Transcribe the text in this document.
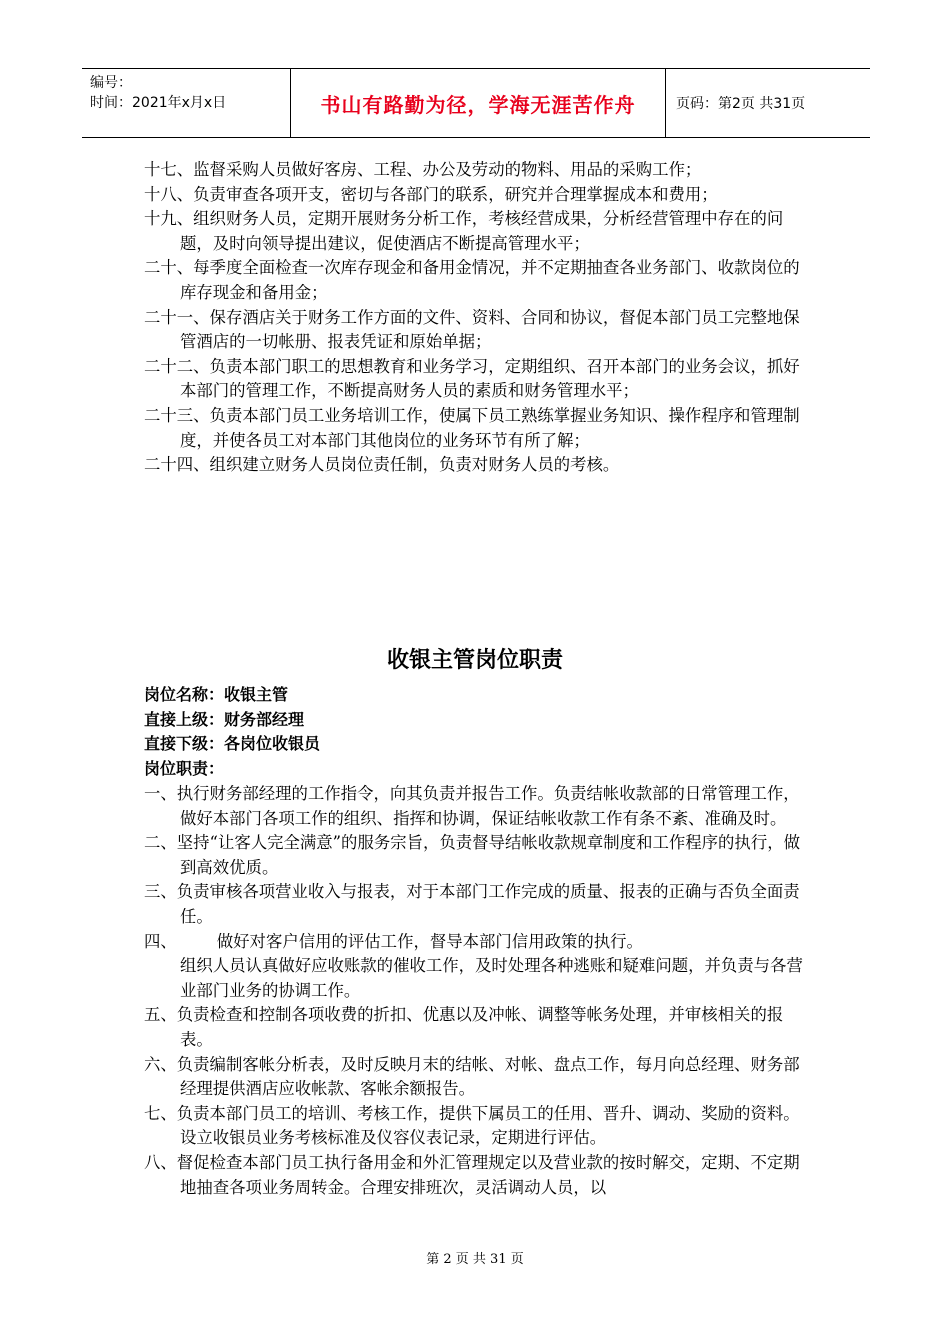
编号：
时间：2021年x月x日	书山有路勤为径，学海无涯苦作舟	页码：第2页 共31页
十七、监督采购人员做好客房、工程、办公及劳动的物料、用品的采购工作；
十八、负责审查各项开支，密切与各部门的联系，研究并合理掌握成本和费用；
十九、组织财务人员，定期开展财务分析工作，考核经营成果，分析经营管理中存在的问题，及时向领导提出建议，促使酒店不断提高管理水平；
二十、每季度全面检查一次库存现金和备用金情况，并不定期抽查各业务部门、收款岗位的库存现金和备用金；
二十一、保存酒店关于财务工作方面的文件、资料、合同和协议，督促本部门员工完整地保管酒店的一切帐册、报表凭证和原始单据；
二十二、负责本部门职工的思想教育和业务学习，定期组织、召开本部门的业务会议，抓好本部门的管理工作，不断提高财务人员的素质和财务管理水平；
二十三、负责本部门员工业务培训工作，使属下员工熟练掌握业务知识、操作程序和管理制度，并使各员工对本部门其他岗位的业务环节有所了解；
二十四、组织建立财务人员岗位责任制，负责对财务人员的考核。
收银主管岗位职责
岗位名称：收银主管
直接上级：财务部经理
直接下级：各岗位收银员
岗位职责：
一、执行财务部经理的工作指令，向其负责并报告工作。负责结帐收款部的日常管理工作，做好本部门各项工作的组织、指挥和协调，保证结帐收款工作有条不紊、准确及时。
二、坚持“让客人完全满意”的服务宗旨，负责督导结帐收款规章制度和工作程序的执行，做到高效优质。
三、负责审核各项营业收入与报表，对于本部门工作完成的质量、报表的正确与否负全面责任。
四、 做好对客户信用的评估工作，督导本部门信用政策的执行。
组织人员认真做好应收账款的催收工作，及时处理各种逃账和疑难问题，并负责与各营业部门业务的协调工作。
五、负责检查和控制各项收费的折扣、优惠以及冲帐、调整等帐务处理，并审核相关的报表。
六、负责编制客帐分析表，及时反映月末的结帐、对帐、盘点工作，每月向总经理、财务部经理提供酒店应收帐款、客帐余额报告。
七、负责本部门员工的培训、考核工作，提供下属员工的任用、晋升、调动、奖励的资料。设立收银员业务考核标准及仪容仪表记录，定期进行评估。
八、督促检查本部门员工执行备用金和外汇管理规定以及营业款的按时解交，定期、不定期地抽查各项业务周转金。合理安排班次，灵活调动人员，以
第 2 页 共 31 页
